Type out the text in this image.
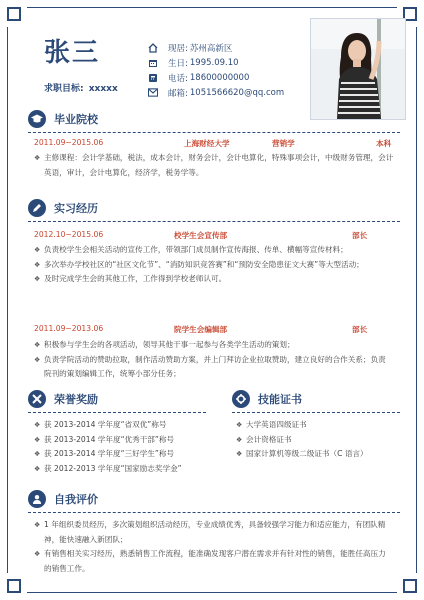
张三
求职目标: xxxxx
现居: 苏州高新区
生日: 1995.09.10
电话: 18600000000
邮箱: 1051566620@qq.com
毕业院校
2011.09~2015.06	上海财经大学	营销学	本科
❖ 主修课程：会计学基础，税法，成本会计，财务会计，会计电算化，特殊事项会计，中级财务管理，会计英语，审计，会计电算化，经济学，税务学等。
实习经历
2012.10~2015.06	校学生会宣传部	部长
❖ 负责校学生会相关活动的宣传工作，带领部门成员制作宣传海报、传单、横幅等宣传材料；
❖ 多次举办学校社区的“社区文化节”、“消防知识竞答赛”和“预防安全隐患征文大赛”等大型活动；
❖ 及时完成学生会的其他工作，工作得到学校老师认可。
2011.09~2013.06	院学生会编辑部	部长
❖ 积极参与学生会的各项活动，领导其他干事一起参与各类学生活动的策划；
❖ 负责学院活动的赞助拉取，制作活动赞助方案，并上门拜访企业拉取赞助，建立良好的合作关系；负责院刊的策划编辑工作，统筹小部分任务；
荣誉奖励
❖ 获 2013-2014 学年度“省双优”称号
❖ 获 2013-2014 学年度“优秀干部”称号
❖ 获 2013-2014 学年度“三好学生”称号
❖ 获 2012-2013 学年度“国家励志奖学金”
技能证书
❖ 大学英语四级证书
❖ 会计资格证书
❖ 国家计算机等级二级证书（C 语言）
自我评价
❖ 1 年组织委员经历，多次策划组织活动经历，专业成绩优秀，具备较强学习能力和适应能力，有团队精神，能快速融入新团队；
❖ 有销售相关实习经历，熟悉销售工作流程，能准确发现客户潜在需求并有针对性的销售，能胜任高压力的销售工作。
